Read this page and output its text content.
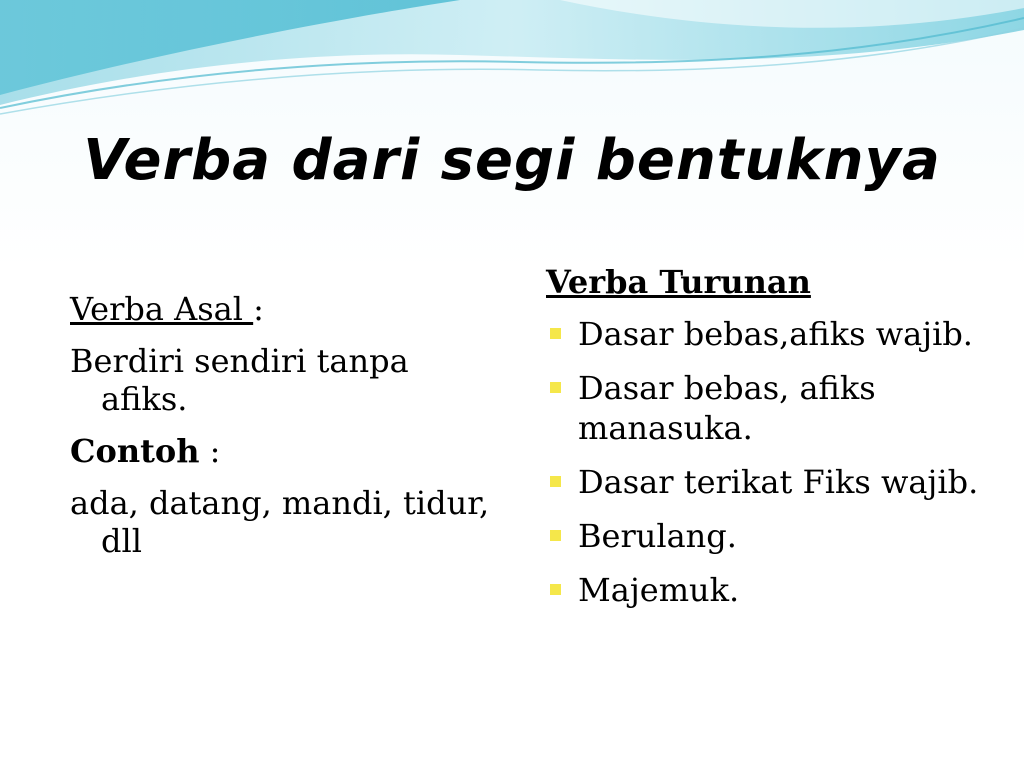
Verba dari segi bentuknya

Verba Asal :

Berdiri sendiri tanpa afiks.

Contoh :

ada, datang, mandi, tidur, dll

Verba Turunan
Dasar bebas,afiks wajib.
Dasar bebas, afiks manasuka.
Dasar terikat Fiks wajib.
Berulang.
Majemuk.
